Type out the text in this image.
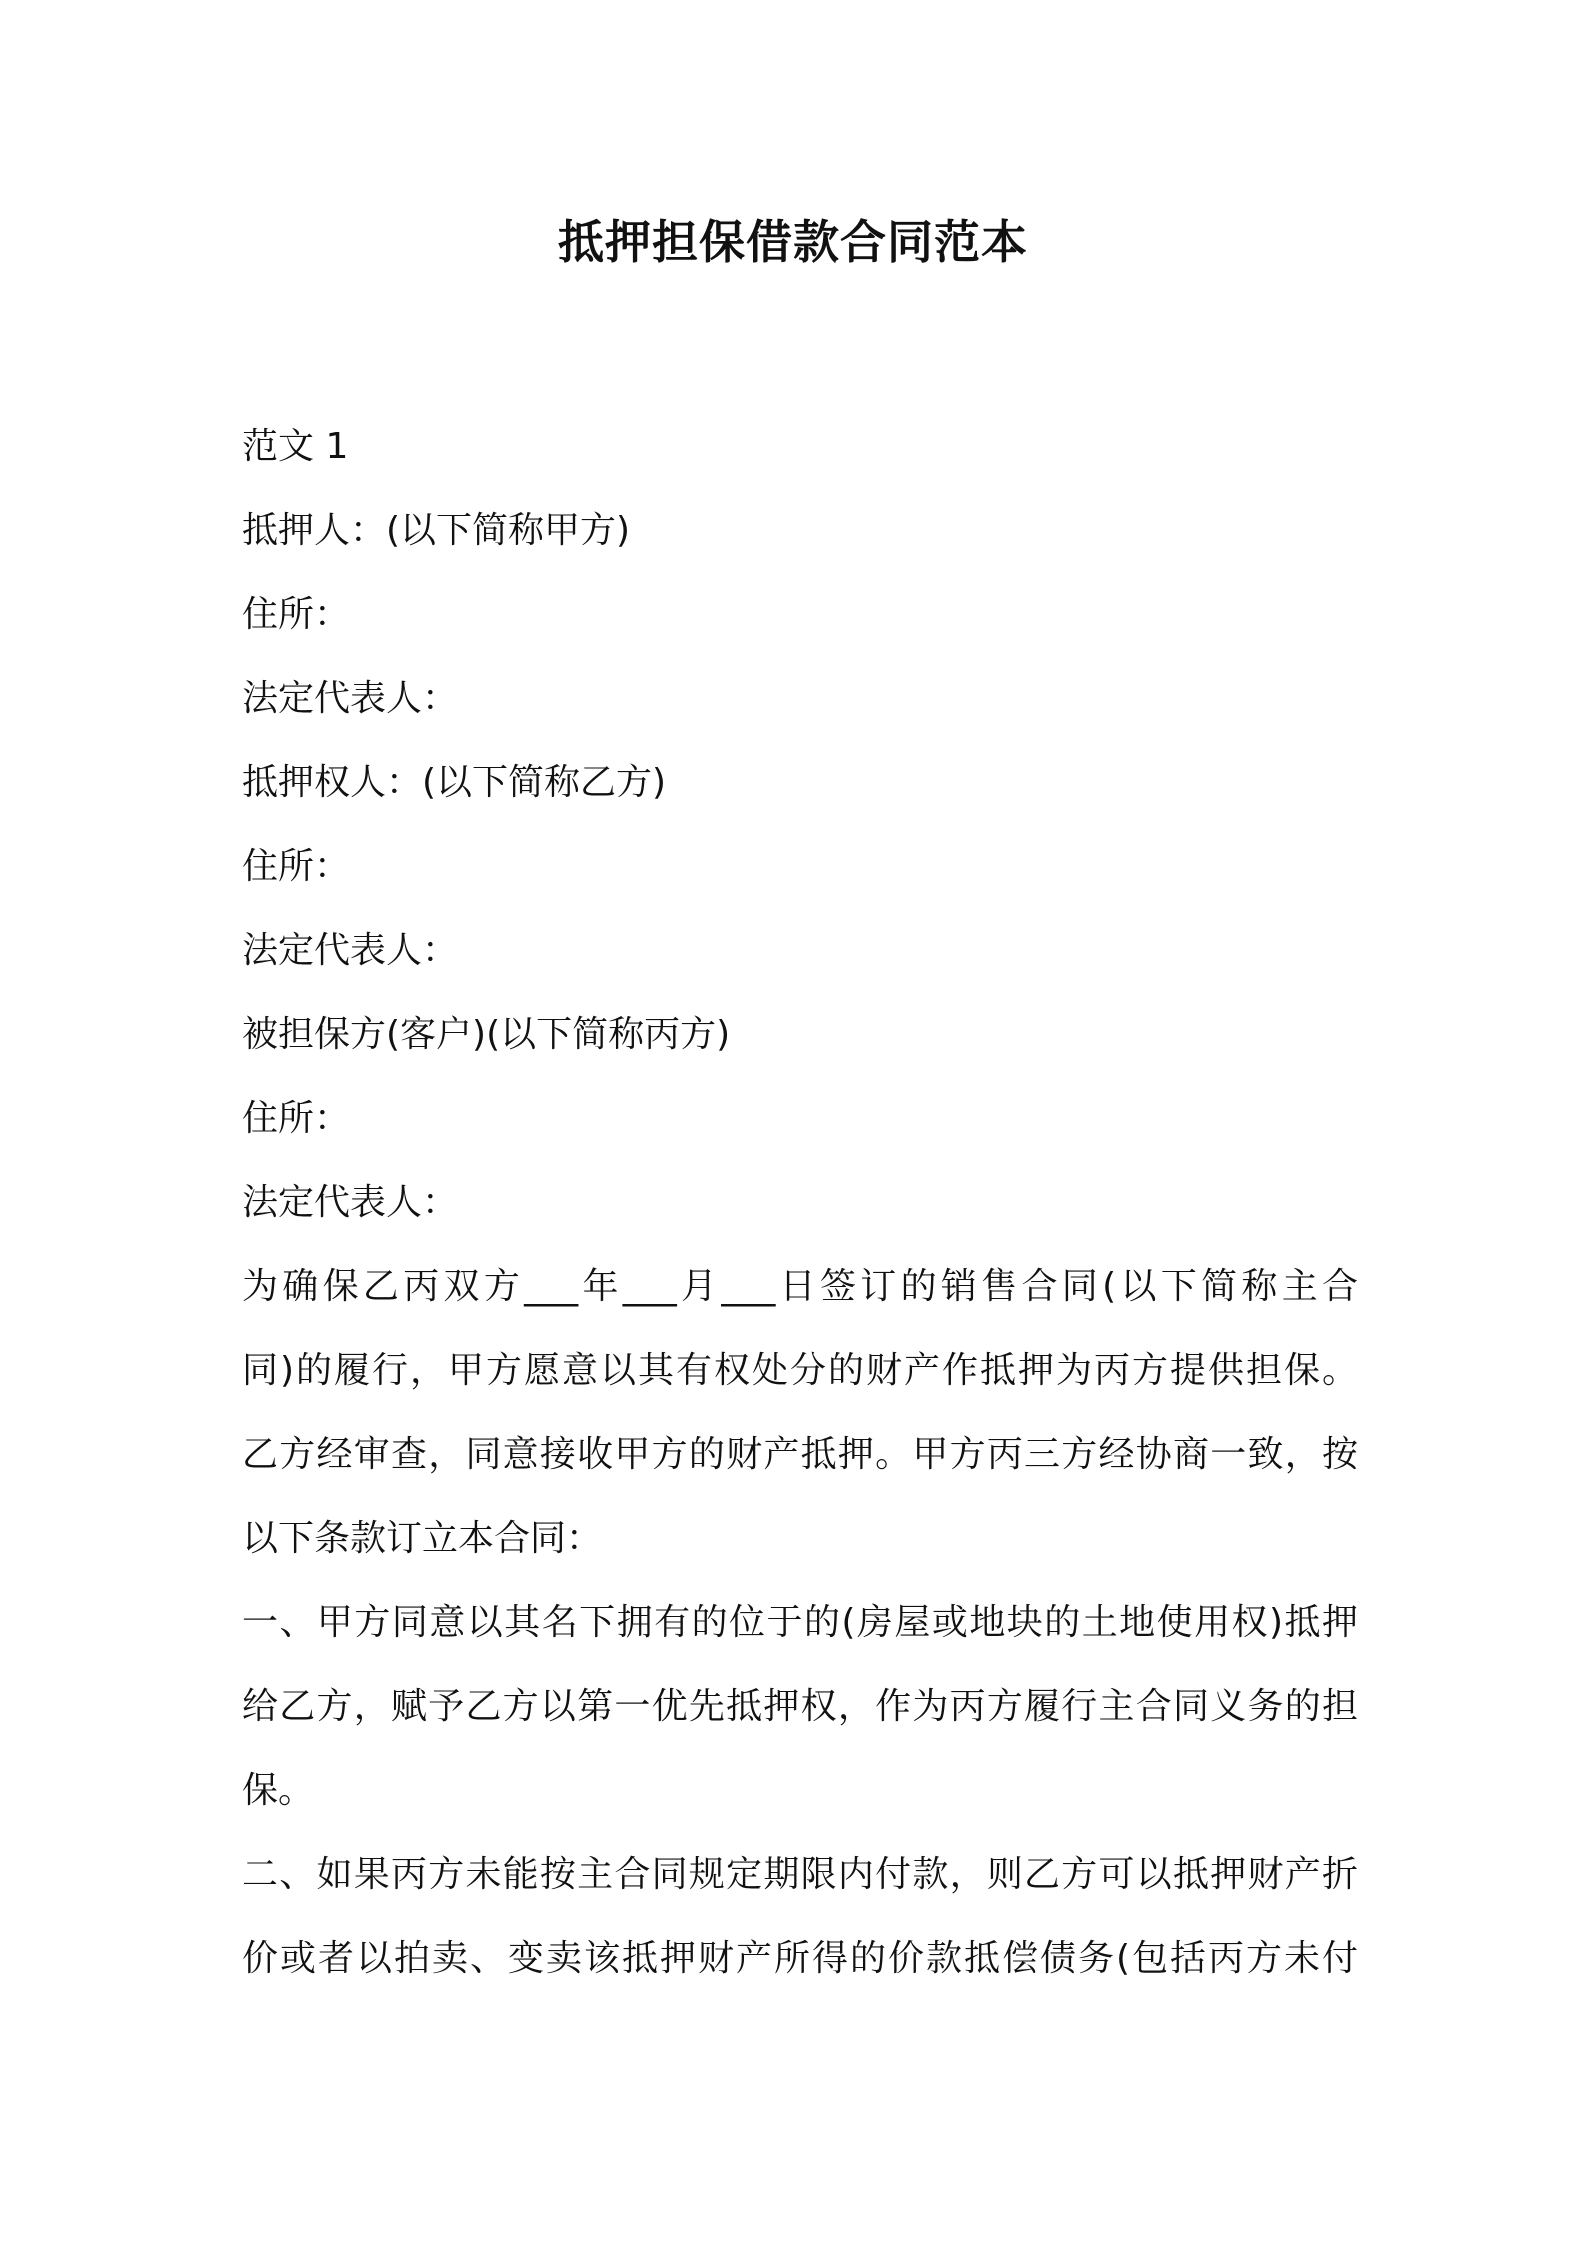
抵押担保借款合同范本

范文 1

抵押人：(以下简称甲方)

住所：

法定代表人：

抵押权人：(以下简称乙方)

住所：

法定代表人：

被担保方(客户)(以下简称丙方)

住所：

法定代表人：

为确保乙丙双方___年___月___日签订的销售合同(以下简称主合

同)的履行，甲方愿意以其有权处分的财产作抵押为丙方提供担保。

乙方经审查，同意接收甲方的财产抵押。甲方丙三方经协商一致，按

以下条款订立本合同：

一、甲方同意以其名下拥有的位于的(房屋或地块的土地使用权)抵押

给乙方，赋予乙方以第一优先抵押权，作为丙方履行主合同义务的担

保。

二、如果丙方未能按主合同规定期限内付款，则乙方可以抵押财产折

价或者以拍卖、变卖该抵押财产所得的价款抵偿债务(包括丙方未付
